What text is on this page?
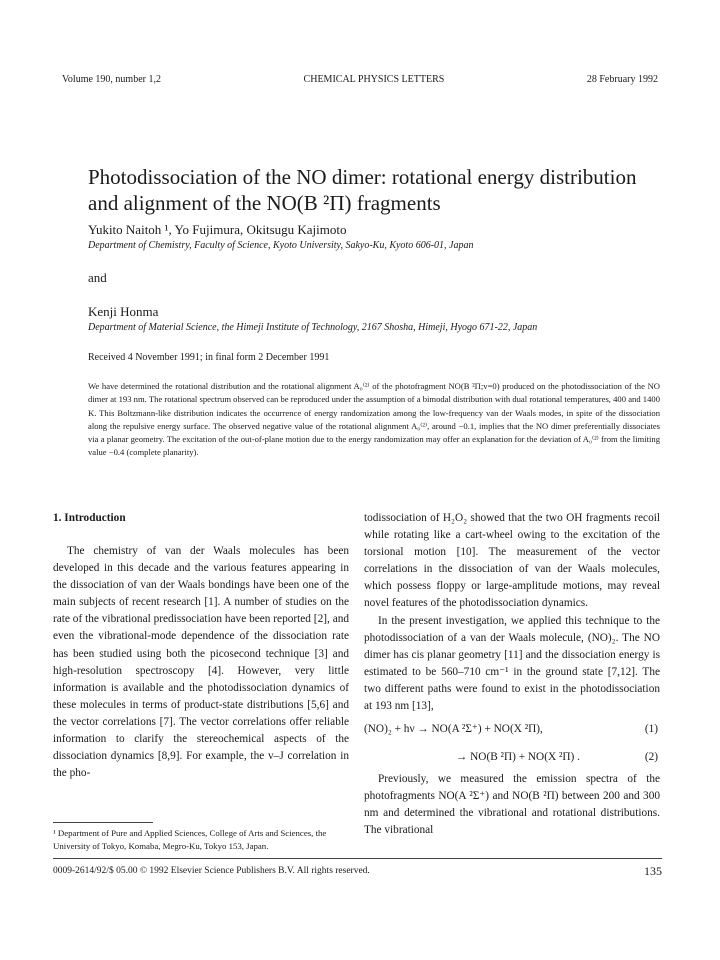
Volume 190, number 1,2	CHEMICAL PHYSICS LETTERS	28 February 1992
Photodissociation of the NO dimer: rotational energy distribution and alignment of the NO(B ²Π) fragments
Yukito Naitoh ¹, Yo Fujimura, Okitsugu Kajimoto
Department of Chemistry, Faculty of Science, Kyoto University, Sakyo-Ku, Kyoto 606-01, Japan
and
Kenji Honma
Department of Material Science, the Himeji Institute of Technology, 2167 Shosha, Himeji, Hyogo 671-22, Japan
Received 4 November 1991; in final form 2 December 1991

We have determined the rotational distribution and the rotational alignment A₀⁽²⁾ of the photofragment NO(B ²Π;v=0) produced on the photodissociation of the NO dimer at 193 nm. The rotational spectrum observed can be reproduced under the assumption of a bimodal distribution with dual rotational temperatures, 400 and 1400 K. This Boltzmann-like distribution indicates the occurrence of energy randomization among the low-frequency van der Waals modes, in spite of the dissociation along the repulsive energy surface. The observed negative value of the rotational alignment A₀⁽²⁾, around −0.1, implies that the NO dimer preferentially dissociates via a planar geometry. The excitation of the out-of-plane motion due to the energy randomization may offer an explanation for the deviation of A₀⁽²⁾ from the limiting value −0.4 (complete planarity).

1. Introduction

The chemistry of van der Waals molecules has been developed in this decade and the various features appearing in the dissociation of van der Waals bondings have been one of the main subjects of recent research [1]. A number of studies on the rate of the vibrational predissociation have been reported [2], and even the vibrational-mode dependence of the dissociation rate has been studied using both the picosecond technique [3] and high-resolution spectroscopy [4]. However, very little information is available and the photodissociation dynamics of these molecules in terms of product-state distributions [5,6] and the vector correlations [7]. The vector correlations offer reliable information to clarify the stereochemical aspects of the dissociation dynamics [8,9]. For example, the v–J correlation in the pho-

todissociation of H₂O₂ showed that the two OH fragments recoil while rotating like a cart-wheel owing to the excitation of the torsional motion [10]. The measurement of the vector correlations in the dissociation of van der Waals molecules, which possess floppy or large-amplitude motions, may reveal novel features of the photodissociation dynamics.

In the present investigation, we applied this technique to the photodissociation of a van der Waals molecule, (NO)₂. The NO dimer has cis planar geometry [11] and the dissociation energy is estimated to be 560–710 cm⁻¹ in the ground state [7,12]. The two different paths were found to exist in the photodissociation at 193 nm [13],

(NO)₂ + hν → NO(A ²Σ⁺) + NO(X ²Π),	(1)
→ NO(B ²Π) + NO(X ²Π) .	(2)

Previously, we measured the emission spectra of the photofragments NO(A ²Σ⁺) and NO(B ²Π) between 200 and 300 nm and determined the vibrational and rotational distributions. The vibrational

¹ Department of Pure and Applied Sciences, College of Arts and Sciences, the University of Tokyo, Komaba, Megro-Ku, Tokyo 153, Japan.
0009-2614/92/$ 05.00 © 1992 Elsevier Science Publishers B.V. All rights reserved.	135
